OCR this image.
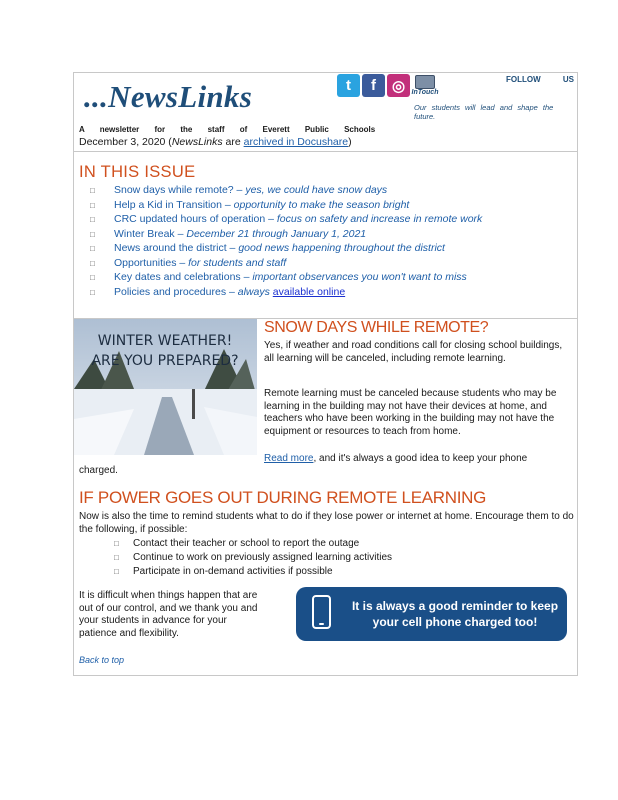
...NewsLinks	t	f	◎ InTouch
FOLLOW US
Our students will lead and shape the future.
A newsletter for the staff of Everett Public Schools
December 3, 2020 (NewsLinks are archived in Docushare)
IN THIS ISSUE
□ Snow days while remote? – yes, we could have snow days
□ Help a Kid in Transition – opportunity to make the season bright
□ CRC updated hours of operation – focus on safety and increase in remote work
□ Winter Break – December 21 through January 1, 2021
□ News around the district – good news happening throughout the district
□ Opportunities – for students and staff
□ Key dates and celebrations – important observances you won't want to miss
□ Policies and procedures – always available online
WINTER WEATHER!
ARE YOU PREPARED?
SNOW DAYS WHILE REMOTE?
Yes, if weather and road conditions call for closing school buildings, all learning will be canceled, including remote learning.
Remote learning must be canceled because students who may be learning in the building may not have their devices at home, and teachers who have been working in the building may not have the equipment or resources to teach from home.
Read more, and it's always a good idea to keep your phone
charged.
IF POWER GOES OUT DURING REMOTE LEARNING
Now is also the time to remind students what to do if they lose power or internet at home. Encourage them to do the following, if possible:
□ Contact their teacher or school to report the outage
□ Continue to work on previously assigned learning activities
□ Participate in on-demand activities if possible
It is difficult when things happen that are out of our control, and we thank you and your students in advance for your patience and flexibility.
It is always a good reminder to keep your cell phone charged too!
Back to top
